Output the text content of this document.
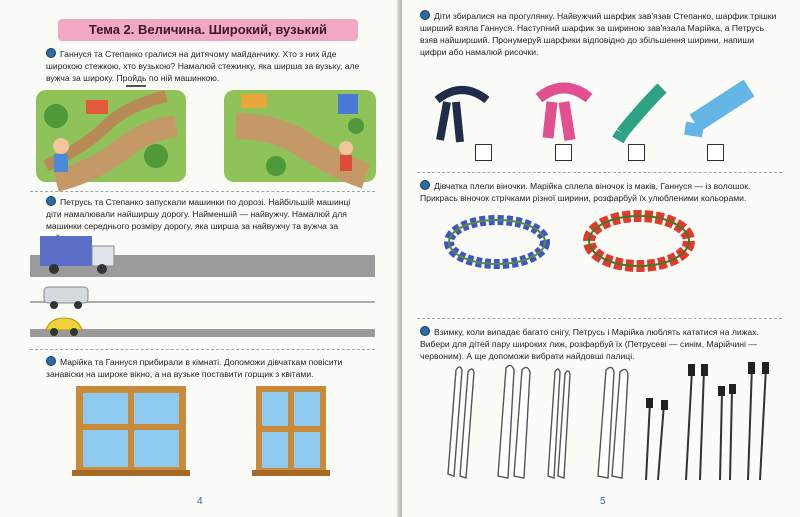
Тема 2. Величина. Широкий, вузький
Ганнуся та Степанко гралися на дитячому майданчику. Хто з них йде широкою стежкою, хто вузькою? Намалюй стежинку, яка ширша за вузьку, але вужча за широку. Пройдь по ній машинкою.
Петрусь та Степанко запускали машинки по дорозі. Найбільшій машинці діти намалювали найширшу дорогу. Найменшій — найвужчу. Намалюй для машинки середнього розміру дорогу, яка ширша за найвужчу та вужча за
Марійка та Ганнуся прибирали в кімнаті. Допоможи дівчаткам повісити занавіски на широке вікно, а на вузьке поставити горщик з квітами.
4
Діти збиралися на прогулянку. Найвужчий шарфик зав'язав Степанко, шарфик трішки ширший взяла Ганнуся. Наступний шарфик за шириною зав'язала Марійка, а Петрусь взяв найширший. Пронумеруй шарфики відповідно до збільшення ширини, напиши цифри або намалюй рисочки.
Дівчатка плели віночки. Марійка сплела віночок із маків, Ганнуся — із волошок. Прикрась віночок стрічками різної ширини, розфарбуй їх улюбленими кольорами.
Взимку, коли випадає багато снігу, Петрусь і Марійка люблять кататися на лижах. Вибери для дітей пару широких лиж, розфарбуй їх (Петрусеві — синім, Марійчині — червоним). А ще допоможи вибрати найдовші палиці.
5
